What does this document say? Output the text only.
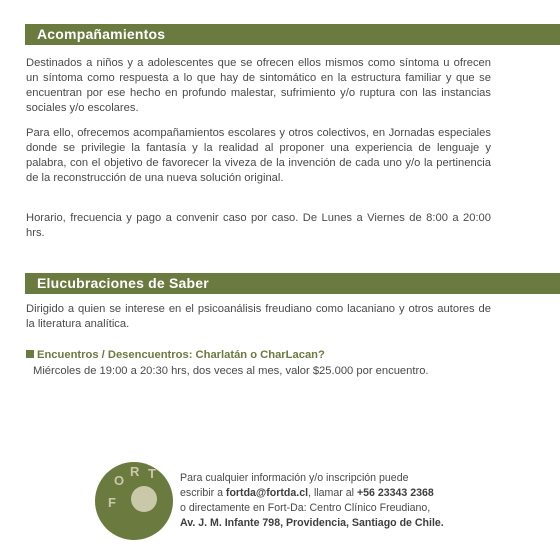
Acompañamientos
Destinados a niños y a adolescentes que se ofrecen ellos mismos como síntoma u ofrecen un síntoma como respuesta a lo que hay de sintomático en la estructura familiar y que se encuentran por ese hecho en profundo malestar, sufrimiento y/o ruptura con las instancias sociales y/o escolares.
Para ello, ofrecemos acompañamientos escolares y otros colectivos, en Jornadas especiales donde se privilegie la fantasía y la realidad al proponer una experiencia de lenguaje y palabra, con el objetivo de favorecer la viveza de la invención de cada uno y/o la pertinencia de la reconstrucción de una nueva solución original.
Horario, frecuencia y pago a convenir caso por caso. De Lunes a Viernes de 8:00 a 20:00 hrs.
Elucubraciones de Saber
Dirigido a quien se interese en el psicoanálisis freudiano como lacaniano y otros autores de la literatura analítica.
Encuentros / Desencuentros: Charlatán o CharLacan?
Miércoles de 19:00 a 20:30 hrs, dos veces al mes, valor $25.000 por encuentro.
F
O
R T
D A
Para cualquier información y/o inscripción puede
escribir a fortda@fortda.cl, llamar al +56 23343 2368
o directamente en Fort-Da: Centro Clínico Freudiano,
Av. J. M. Infante 798, Providencia, Santiago de Chile.
